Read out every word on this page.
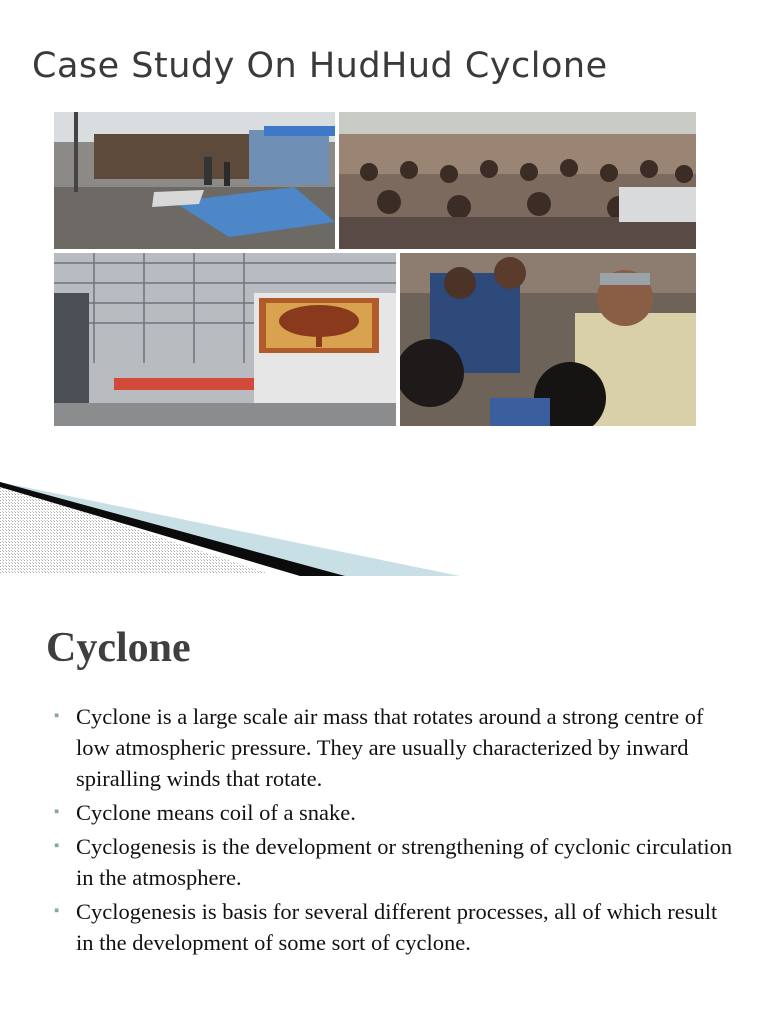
Case Study On HudHud Cyclone
Cyclone
▪ Cyclone is a large scale air mass that rotates around a strong centre of low atmospheric pressure. They are usually characterized by inward spiralling winds that rotate.
▪ Cyclone means coil of a snake.
▪ Cyclogenesis is the development or strengthening of cyclonic circulation in the atmosphere.
▪ Cyclogenesis is basis for several different processes, all of which result in the development of some sort of cyclone.
